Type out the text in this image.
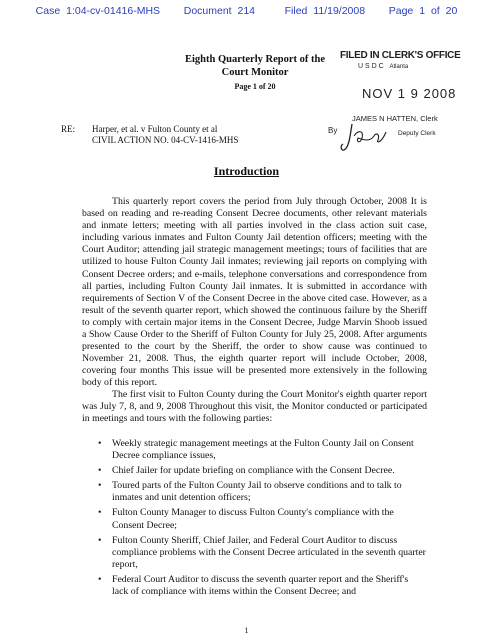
Case 1:04-cv-01416-MHS Document 214	Filed 11/19/2008 Page 1 of 20
Eighth Quarterly Report of the
Court Monitor
Page 1 of 20
FILED IN CLERK'S OFFICE
U S D C Atlanta
NOV 1 9 2008
JAMES N HATTEN, Clerk
By	Deputy Clerk
RE: Harper, et al. v Fulton County et al
CIVIL ACTION NO. 04-CV-1416-MHS
Introduction

This quarterly report covers the period from July through October, 2008 It is based on reading and re-reading Consent Decree documents, other relevant materials and inmate letters; meeting with all parties involved in the class action suit case, including various inmates and Fulton County Jail detention officers; meeting with the Court Auditor; attending jail strategic management meetings; tours of facilities that are utilized to house Fulton County Jail inmates; reviewing jail reports on complying with Consent Decree orders; and e-mails, telephone conversations and correspondence from all parties, including Fulton County Jail inmates. It is submitted in accordance with requirements of Section V of the Consent Decree in the above cited case. However, as a result of the seventh quarter report, which showed the continuous failure by the Sheriff to comply with certain major items in the Consent Decree, Judge Marvin Shoob issued a Show Cause Order to the Sheriff of Fulton County for July 25, 2008. After arguments presented to the court by the Sheriff, the order to show cause was continued to November 21, 2008. Thus, the eighth quarter report will include October, 2008, covering four months This issue will be presented more extensively in the following body of this report.

The first visit to Fulton County during the Court Monitor's eighth quarter report was July 7, 8, and 9, 2008 Throughout this visit, the Monitor conducted or participated in meetings and tours with the following parties:

• Weekly strategic management meetings at the Fulton County Jail on Consent Decree compliance issues,
• Chief Jailer for update briefing on compliance with the Consent Decree.
• Toured parts of the Fulton County Jail to observe conditions and to talk to inmates and unit detention officers;
• Fulton County Manager to discuss Fulton County's compliance with the Consent Decree;
• Fulton County Sheriff, Chief Jailer, and Federal Court Auditor to discuss compliance problems with the Consent Decree articulated in the seventh quarter report,
• Federal Court Auditor to discuss the seventh quarter report and the Sheriff's lack of compliance with items within the Consent Decree; and
1
